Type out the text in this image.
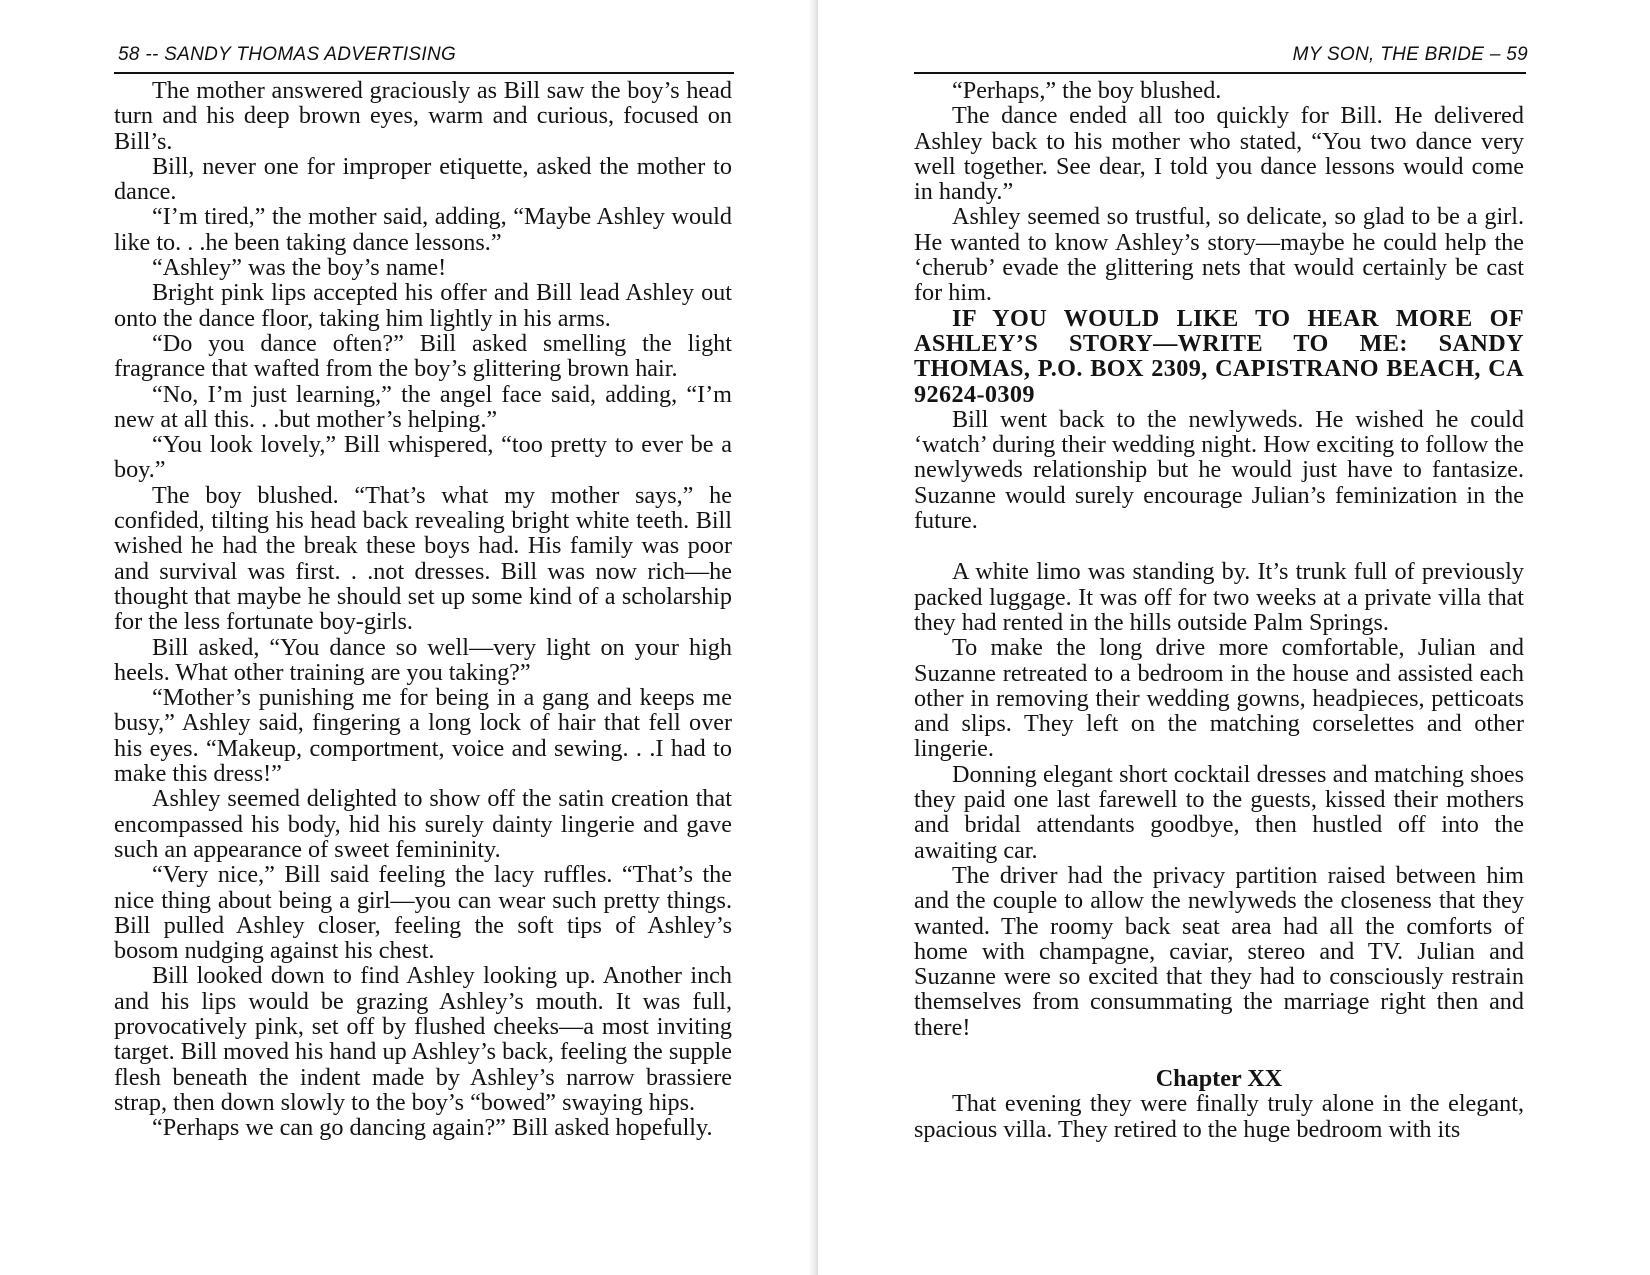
58 -- SANDY THOMAS ADVERTISING

The mother answered graciously as Bill saw the boy’s head turn and his deep brown eyes, warm and curious, focused on Bill’s.

Bill, never one for improper etiquette, asked the mother to dance.

“I’m tired,” the mother said, adding, “Maybe Ashley would like to. . .he been taking dance lessons.”

“Ashley” was the boy’s name!

Bright pink lips accepted his offer and Bill lead Ashley out onto the dance floor, taking him lightly in his arms.

“Do you dance often?” Bill asked smelling the light fragrance that wafted from the boy’s glittering brown hair.

“No, I’m just learning,” the angel face said, adding, “I’m new at all this. . .but mother’s helping.”

“You look lovely,” Bill whispered, “too pretty to ever be a boy.”

The boy blushed. “That’s what my mother says,” he confided, tilting his head back revealing bright white teeth. Bill wished he had the break these boys had. His family was poor and survival was first. . .not dresses. Bill was now rich—he thought that maybe he should set up some kind of a scholarship for the less fortunate boy-girls.

Bill asked, “You dance so well—very light on your high heels. What other training are you taking?”

“Mother’s punishing me for being in a gang and keeps me busy,” Ashley said, fingering a long lock of hair that fell over his eyes. “Makeup, comportment, voice and sewing. . .I had to make this dress!”

Ashley seemed delighted to show off the satin creation that encompassed his body, hid his surely dainty lingerie and gave such an appearance of sweet femininity.

“Very nice,” Bill said feeling the lacy ruffles. “That’s the nice thing about being a girl—you can wear such pretty things. Bill pulled Ashley closer, feeling the soft tips of Ashley’s bosom nudging against his chest.

Bill looked down to find Ashley looking up. Another inch and his lips would be grazing Ashley’s mouth. It was full, provocatively pink, set off by flushed cheeks—a most inviting target. Bill moved his hand up Ashley’s back, feeling the supple flesh beneath the indent made by Ashley’s narrow brassiere strap, then down slowly to the boy’s “bowed” swaying hips.

“Perhaps we can go dancing again?” Bill asked hopefully.

MY SON, THE BRIDE – 59

“Perhaps,” the boy blushed.

The dance ended all too quickly for Bill. He delivered Ashley back to his mother who stated, “You two dance very well together. See dear, I told you dance lessons would come in handy.”

Ashley seemed so trustful, so delicate, so glad to be a girl. He wanted to know Ashley’s story—maybe he could help the ‘cherub’ evade the glittering nets that would certainly be cast for him.

IF YOU WOULD LIKE TO HEAR MORE OF ASHLEY’S STORY—WRITE TO ME: SANDY THOMAS, P.O. BOX 2309, CAPISTRANO BEACH, CA 92624-0309

Bill went back to the newlyweds. He wished he could ‘watch’ during their wedding night. How exciting to follow the newlyweds relationship but he would just have to fantasize. Suzanne would surely encourage Julian’s feminization in the future.

A white limo was standing by. It’s trunk full of previously packed luggage. It was off for two weeks at a private villa that they had rented in the hills outside Palm Springs.

To make the long drive more comfortable, Julian and Suzanne retreated to a bedroom in the house and assisted each other in removing their wedding gowns, headpieces, petticoats and slips. They left on the matching corselettes and other lingerie.

Donning elegant short cocktail dresses and matching shoes they paid one last farewell to the guests, kissed their mothers and bridal attendants goodbye, then hustled off into the awaiting car.

The driver had the privacy partition raised between him and the couple to allow the newlyweds the closeness that they wanted. The roomy back seat area had all the comforts of home with champagne, caviar, stereo and TV. Julian and Suzanne were so excited that they had to consciously restrain themselves from consummating the marriage right then and there!

Chapter XX

That evening they were finally truly alone in the elegant, spacious villa. They retired to the huge bedroom with its
